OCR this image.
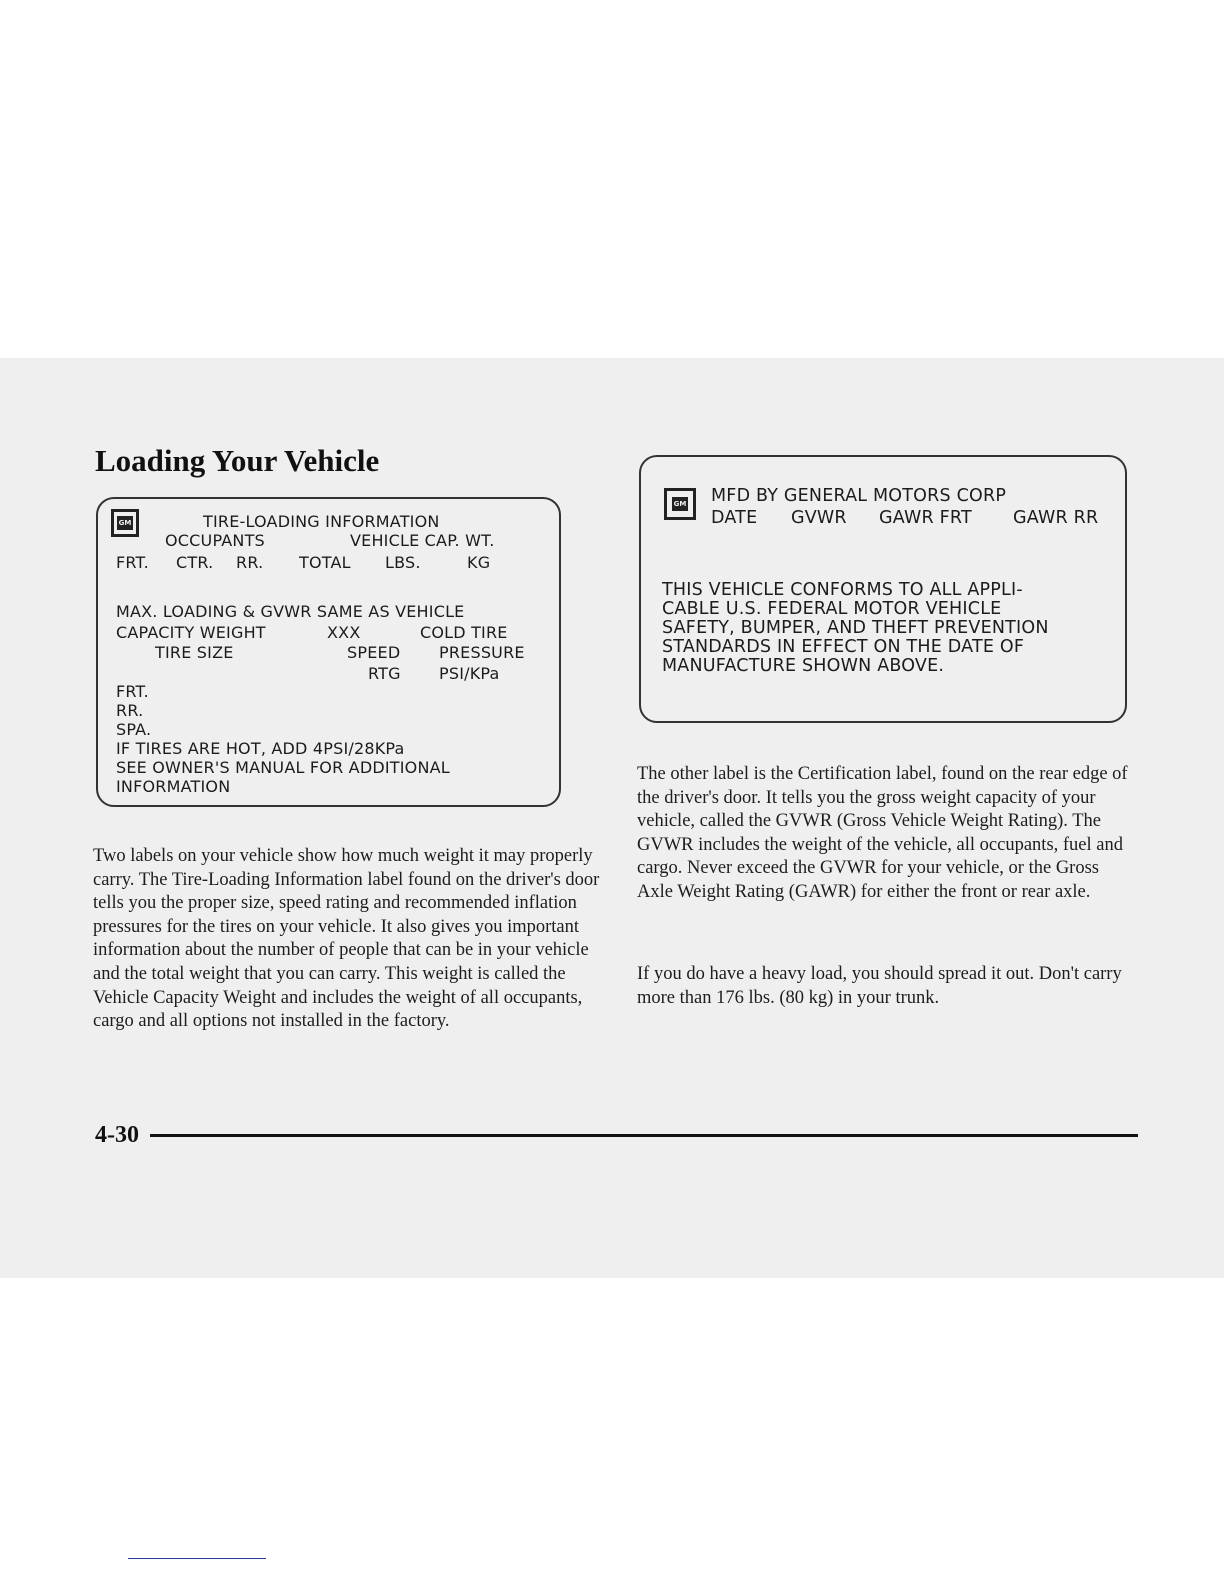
Loading Your Vehicle
GM	TIRE-LOADING INFORMATION
OCCUPANTS	VEHICLE CAP. WT.
FRT. CTR. RR. TOTAL LBS.	KG
MAX. LOADING & GVWR SAME AS VEHICLE
CAPACITY WEIGHT	XXX	COLD TIRE
TIRE SIZE	SPEED PRESSURE
RTG PSI/KPa
FRT.
RR.
SPA.
IF TIRES ARE HOT, ADD 4PSI/28KPa
SEE OWNER'S MANUAL FOR ADDITIONAL
INFORMATION
GM MFD BY GENERAL MOTORS CORP
DATE GVWR GAWR FRT GAWR RR
THIS VEHICLE CONFORMS TO ALL APPLI-
CABLE U.S. FEDERAL MOTOR VEHICLE
SAFETY, BUMPER, AND THEFT PREVENTION
STANDARDS IN EFFECT ON THE DATE OF
MANUFACTURE SHOWN ABOVE.

Two labels on your vehicle show how much weight it may properly carry. The Tire-Loading Information label found on the driver's door tells you the proper size, speed rating and recommended inflation pressures for the tires on your vehicle. It also gives you important information about the number of people that can be in your vehicle and the total weight that you can carry. This weight is called the Vehicle Capacity Weight and includes the weight of all occupants, cargo and all options not installed in the factory.

The other label is the Certification label, found on the rear edge of the driver's door. It tells you the gross weight capacity of your vehicle, called the GVWR (Gross Vehicle Weight Rating). The GVWR includes the weight of the vehicle, all occupants, fuel and cargo. Never exceed the GVWR for your vehicle, or the Gross Axle Weight Rating (GAWR) for either the front or rear axle.

If you do have a heavy load, you should spread it out. Don't carry more than 176 lbs. (80 kg) in your trunk.

4-30
